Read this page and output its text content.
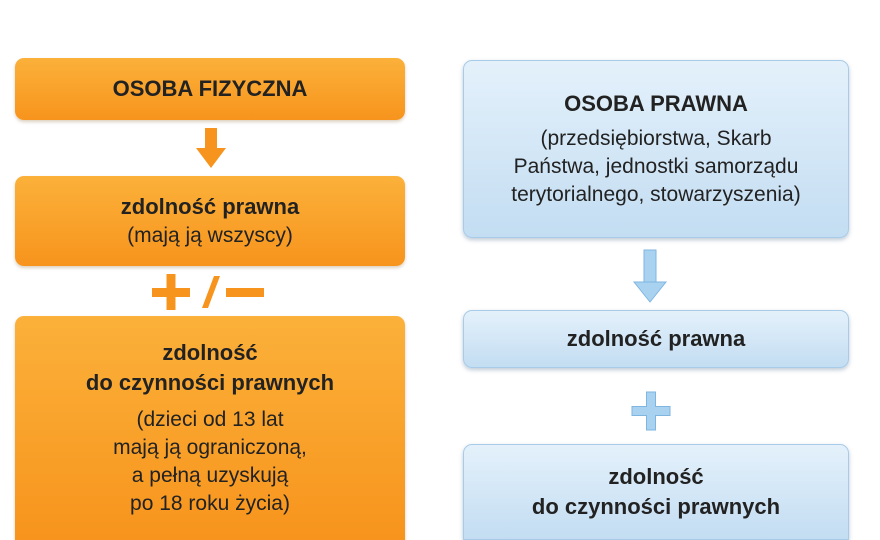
OSOBA FIZYCZNA
zdolność prawna
(mają ją wszyscy)
zdolność
do czynności prawnych
(dzieci od 13 lat
mają ją ograniczoną,
a pełną uzyskują
po 18 roku życia)
OSOBA PRAWNA
(przedsiębiorstwa, Skarb
Państwa, jednostki samorządu
terytorialnego, stowarzyszenia)
zdolność prawna
zdolność
do czynności prawnych
